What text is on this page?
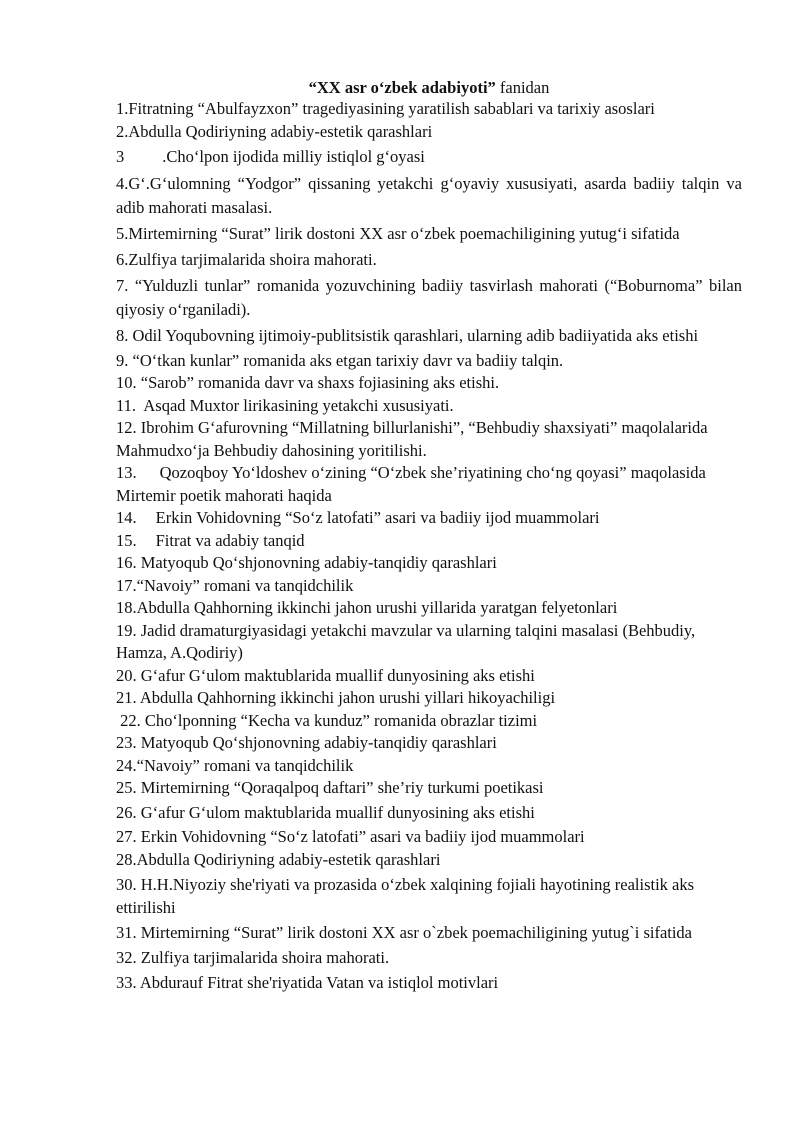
“XX asr o‘zbek adabiyoti” fanidan

1.Fitratning “Abulfayzxon” tragediyasining yaratilish sabablari va tarixiy asoslari

2.Abdulla Qodiriyning adabiy-estetik qarashlari

3 .Cho‘lpon ijodida milliy istiqlol g‘oyasi

4.G‘.G‘ulomning “Yodgor” qissaning yetakchi g‘oyaviy xususiyati, asarda badiiy talqin va adib mahorati masalasi.

5.Mirtemirning “Surat” lirik dostoni XX asr o‘zbek poemachiligining yutug‘i sifatida

6.Zulfiya tarjimalarida shoira mahorati.

7. “Yulduzli tunlar” romanida yozuvchining badiiy tasvirlash mahorati (“Boburnoma” bilan qiyosiy o‘rganiladi).

8. Odil Yoqubovning ijtimoiy-publitsistik qarashlari, ularning adib badiiyatida aks etishi

9. “O‘tkan kunlar” romanida aks etgan tarixiy davr va badiiy talqin.

10. “Sarob” romanida davr va shaxs fojiasining aks etishi.

11.  Asqad Muxtor lirikasining yetakchi xususiyati.

12. Ibrohim G‘afurovning “Millatning billurlanishi”, “Behbudiy shaxsiyati” maqolalarida Mahmudxo‘ja Behbudiy dahosining yoritilishi.

13. Qozoqboy Yo‘ldoshev o‘zining “O‘zbek she’riyatining cho‘ng qoyasi” maqolasida Mirtemir poetik mahorati haqida

14. Erkin Vohidovning “So‘z latofati” asari va badiiy ijod muammolari

15. Fitrat va adabiy tanqid

16. Matyoqub Qo‘shjonovning adabiy-tanqidiy qarashlari

17.“Navoiy” romani va tanqidchilik

18.Abdulla Qahhorning ikkinchi jahon urushi yillarida yaratgan felyetonlari

19. Jadid dramaturgiyasidagi yetakchi mavzular va ularning talqini masalasi (Behbudiy, Hamza, A.Qodiriy)

20. G‘afur G‘ulom maktublarida muallif dunyosining aks etishi

21. Abdulla Qahhorning ikkinchi jahon urushi yillari hikoyachiligi

22. Cho‘lponning “Kecha va kunduz” romanida obrazlar tizimi

23. Matyoqub Qo‘shjonovning adabiy-tanqidiy qarashlari

24.“Navoiy” romani va tanqidchilik

25. Mirtemirning “Qoraqalpoq daftari” she’riy turkumi poetikasi

26. G‘afur G‘ulom maktublarida muallif dunyosining aks etishi

27. Erkin Vohidovning “So‘z latofati” asari va badiiy ijod muammolari

28.Abdulla Qodiriyning adabiy-estetik qarashlari

30. H.H.Niyoziy she'riyati va prozasida o‘zbek xalqining fojiali hayotining realistik aks ettirilishi

31. Mirtemirning “Surat” lirik dostoni XX asr o`zbek poemachiligining yutug`i sifatida

32. Zulfiya tarjimalarida shoira mahorati.

33. Abdurauf Fitrat she'riyatida Vatan va istiqlol motivlari
